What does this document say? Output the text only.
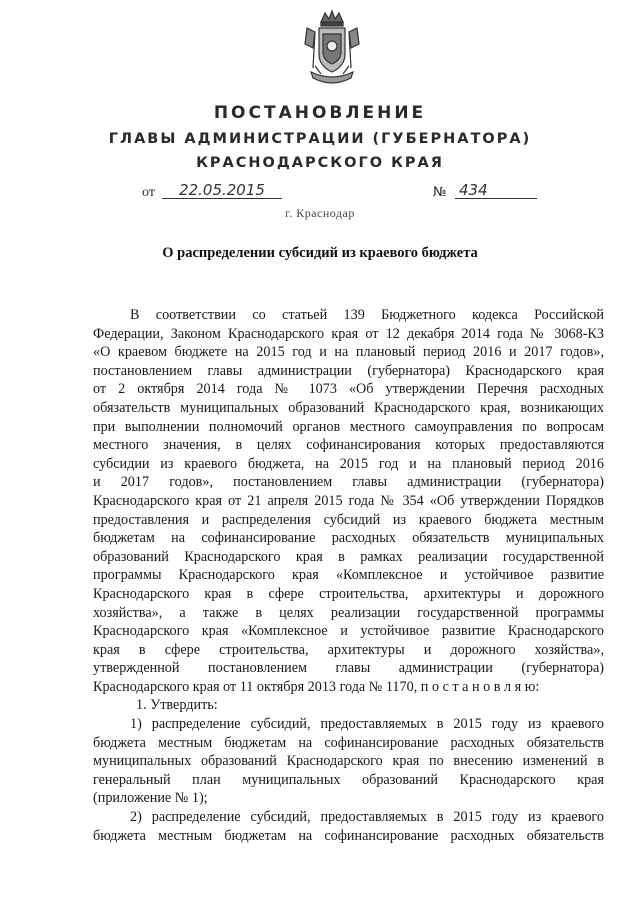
ПОСТАНОВЛЕНИЕ
ГЛАВЫ АДМИНИСТРАЦИИ (ГУБЕРНАТОРА)
КРАСНОДАРСКОГО КРАЯ
от	22.05.2015	№ 434
г. Краснодар
О распределении субсидий из краевого бюджета

В соответствии со статьей 139 Бюджетного кодекса Российской

Федерации, Законом Краснодарского края от 12 декабря 2014 года № 3068-КЗ

«О краевом бюджете на 2015 год и на плановый период 2016 и 2017 годов»,

постановлением главы администрации (губернатора) Краснодарского края

от 2 октября 2014 года № 1073 «Об утверждении Перечня расходных

обязательств муниципальных образований Краснодарского края, возникающих

при выполнении полномочий органов местного самоуправления по вопросам

местного значения, в целях софинансирования которых предоставляются

субсидии из краевого бюджета, на 2015 год и на плановый период 2016

и 2017 годов», постановлением главы администрации (губернатора)

Краснодарского края от 21 апреля 2015 года № 354 «Об утверждении Порядков

предоставления и распределения субсидий из краевого бюджета местным

бюджетам на софинансирование расходных обязательств муниципальных

образований Краснодарского края в рамках реализации государственной

программы Краснодарского края «Комплексное и устойчивое развитие

Краснодарского края в сфере строительства, архитектуры и дорожного

хозяйства», а также в целях реализации государственной программы

Краснодарского края «Комплексное и устойчивое развитие Краснодарского

края в сфере строительства, архитектуры и дорожного хозяйства»,

утвержденной постановлением главы администрации (губернатора)

Краснодарского края от 11 октября 2013 года № 1170, п о с т а н о в л я ю:

1. Утвердить:

1) распределение субсидий, предоставляемых в 2015 году из краевого

бюджета местным бюджетам на софинансирование расходных обязательств

муниципальных образований Краснодарского края по внесению изменений в

генеральный план муниципальных образований Краснодарского края

(приложение № 1);

2) распределение субсидий, предоставляемых в 2015 году из краевого

бюджета местным бюджетам на софинансирование расходных обязательств
